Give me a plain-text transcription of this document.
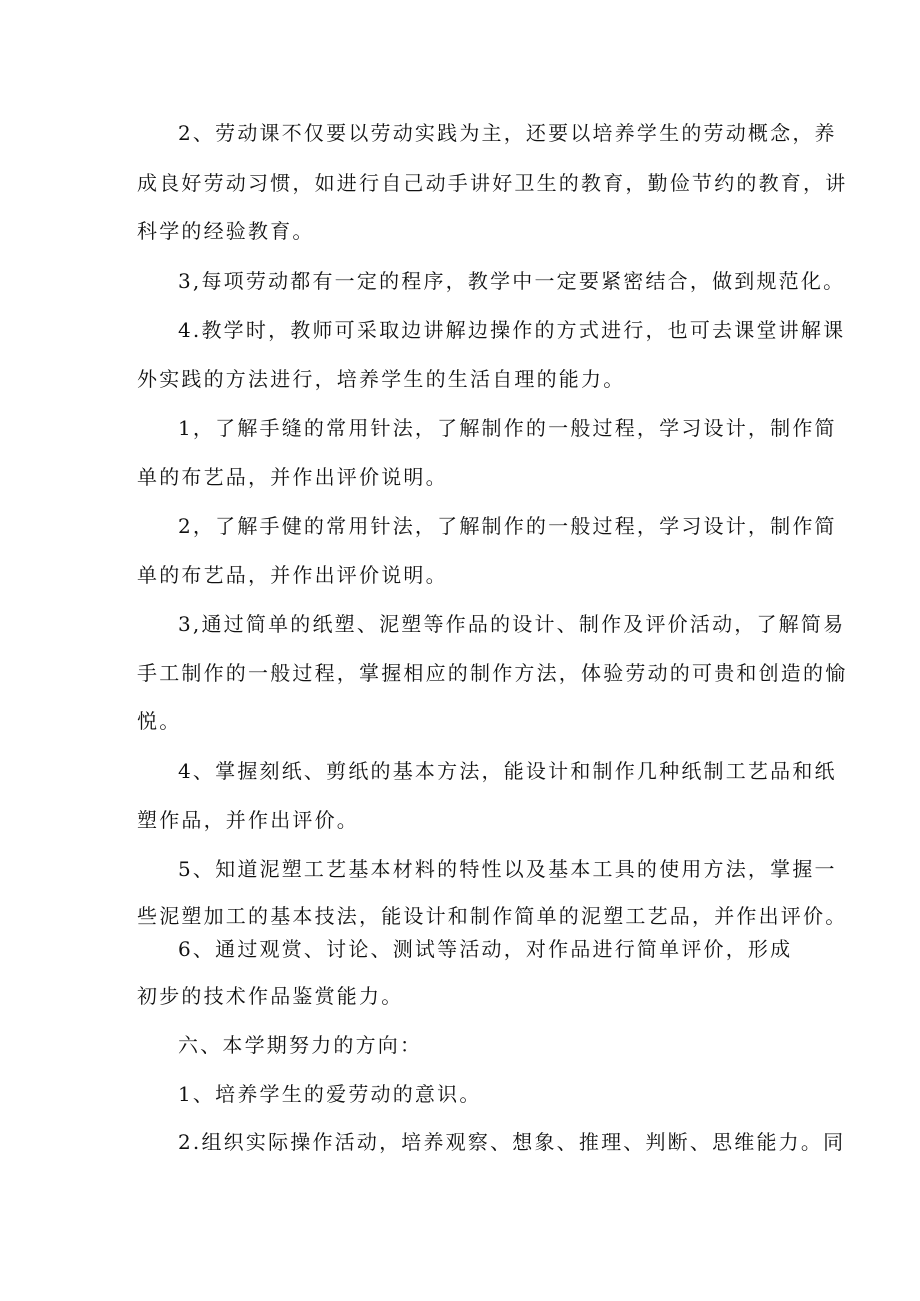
2、劳动课不仅要以劳动实践为主，还要以培养学生的劳动概念，养
成良好劳动习惯，如进行自己动手讲好卫生的教育，勤俭节约的教育，讲
科学的经验教育。
3,每项劳动都有一定的程序，教学中一定要紧密结合，做到规范化。
4.教学时，教师可采取边讲解边操作的方式进行，也可去课堂讲解课
外实践的方法进行，培养学生的生活自理的能力。
1，了解手缝的常用针法，了解制作的一般过程，学习设计，制作简
单的布艺品，并作出评价说明。
2，了解手健的常用针法，了解制作的一般过程，学习设计，制作简
单的布艺品，并作出评价说明。
3,通过简单的纸塑、泥塑等作品的设计、制作及评价活动，了解简易
手工制作的一般过程，掌握相应的制作方法，体验劳动的可贵和创造的愉
悦。
4、掌握刻纸、剪纸的基本方法，能设计和制作几种纸制工艺品和纸
塑作品，并作出评价。
5、知道泥塑工艺基本材料的特性以及基本工具的使用方法，掌握一
些泥塑加工的基本技法，能设计和制作简单的泥塑工艺品，并作出评价。
6、通过观赏、讨论、测试等活动，对作品进行简单评价，形成
初步的技术作品鉴赏能力。
六、本学期努力的方向：
1、培养学生的爱劳动的意识。
2.组织实际操作活动，培养观察、想象、推理、判断、思维能力。同
